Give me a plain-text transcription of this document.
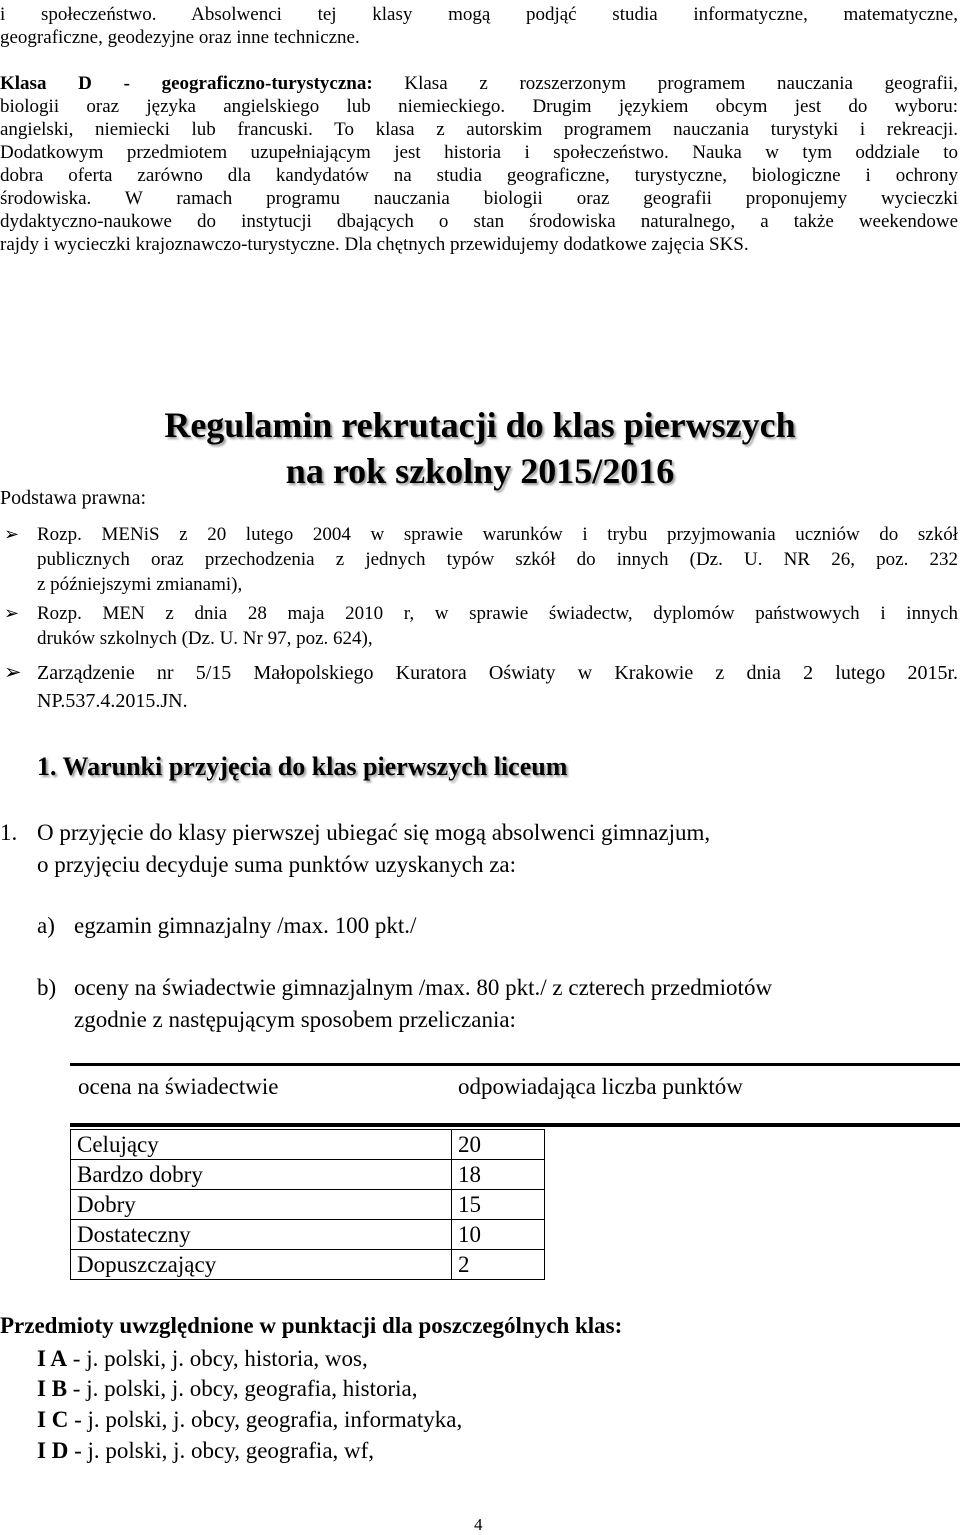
i społeczeństwo. Absolwenci tej klasy mogą podjąć studia informatyczne, matematyczne,
geograficzne, geodezyjne oraz inne techniczne.
Klasa D - geograficzno-turystyczna: Klasa z rozszerzonym programem nauczania geografii,
biologii oraz języka angielskiego lub niemieckiego. Drugim językiem obcym jest do wyboru:
angielski, niemiecki lub francuski. To klasa z autorskim programem nauczania turystyki i rekreacji.
Dodatkowym przedmiotem uzupełniającym jest historia i społeczeństwo. Nauka w tym oddziale to
dobra oferta zarówno dla kandydatów na studia geograficzne, turystyczne, biologiczne i ochrony
środowiska. W ramach programu nauczania biologii oraz geografii proponujemy wycieczki
dydaktyczno-naukowe do instytucji dbających o stan środowiska naturalnego, a także weekendowe
rajdy i wycieczki krajoznawczo-turystyczne. Dla chętnych przewidujemy dodatkowe zajęcia SKS.
Regulamin rekrutacji do klas pierwszych
na rok szkolny 2015/2016
Podstawa prawna:
➢ Rozp. MENiS z 20 lutego 2004 w sprawie warunków i trybu przyjmowania uczniów do szkół
publicznych oraz przechodzenia z jednych typów szkół do innych (Dz. U. NR 26, poz. 232
z późniejszymi zmianami),
➢ Rozp. MEN z dnia 28 maja 2010 r, w sprawie świadectw, dyplomów państwowych i innych
druków szkolnych (Dz. U. Nr 97, poz. 624),
➢ Zarządzenie nr 5/15 Małopolskiego Kuratora Oświaty w Krakowie z dnia 2 lutego 2015r.
NP.537.4.2015.JN.
1. Warunki przyjęcia do klas pierwszych liceum
1. O przyjęcie do klasy pierwszej ubiegać się mogą absolwenci gimnazjum,
o przyjęciu decyduje suma punktów uzyskanych za:
a) egzamin gimnazjalny /max. 100 pkt./
b) oceny na świadectwie gimnazjalnym /max. 80 pkt./ z czterech przedmiotów
zgodnie z następującym sposobem przeliczania:
ocena na świadectwie	odpowiadająca liczba punktów
Celujący	20
Bardzo dobry	18
Dobry	15
Dostateczny	10
Dopuszczający	2
Przedmioty uwzględnione w punktacji dla poszczególnych klas:
I A - j. polski, j. obcy, historia, wos,
I B - j. polski, j. obcy, geografia, historia,
I C - j. polski, j. obcy, geografia, informatyka,
I D - j. polski, j. obcy, geografia, wf,
4
